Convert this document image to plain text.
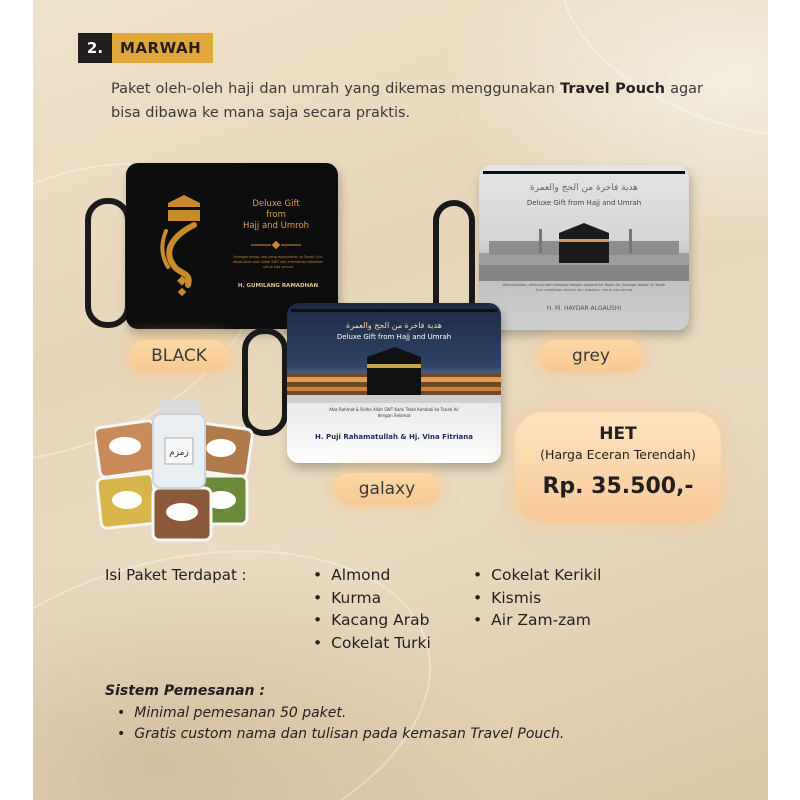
2.	MARWAH
Paket oleh-oleh haji dan umrah yang dikemas menggunakan Travel Pouch agar bisa dibawa ke mana saja secara praktis.
Deluxe Gift
from
Hajj and Umroh
Semoga setiap doa yang dipanjatkan di Tanah Suci dikabulkan oleh Allah SWT dan membawa kebaikan untuk kita semua
H. GUMILANG RAMADHAN
BLACK
هدية فاخرة من الحج والعمرة
Deluxe Gift from Hajj and Umrah
Alhamdulillah, akhirnya kami kembali dengan selamat ke Tanah Air. Semoga ibadah di Tanah Suci membawa berkah dan kebaikan untuk kita semua
H. M. HAYDAR ALGAUSHI
grey
هدية فاخرة من الحج والعمرة
Deluxe Gift from Hajj and Umrah
Atas Rahmat & Ridho Allah SWT Kami Telah Kembali ke Tanah Air dengan Selamat
H. Puji Rahamatullah & Hj. Vina Fitriana
galaxy
زمزم
HET
(Harga Eceran Terendah)
Rp. 35.500,-
Isi Paket Terdapat :
•	Almond
• Kurma
• Kacang Arab
• Cokelat Turki
• Cokelat Kerikil
• Kismis
• Air Zam-zam
Sistem Pemesanan :
• Minimal pemesanan 50 paket.
• Gratis custom nama dan tulisan pada kemasan Travel Pouch.
